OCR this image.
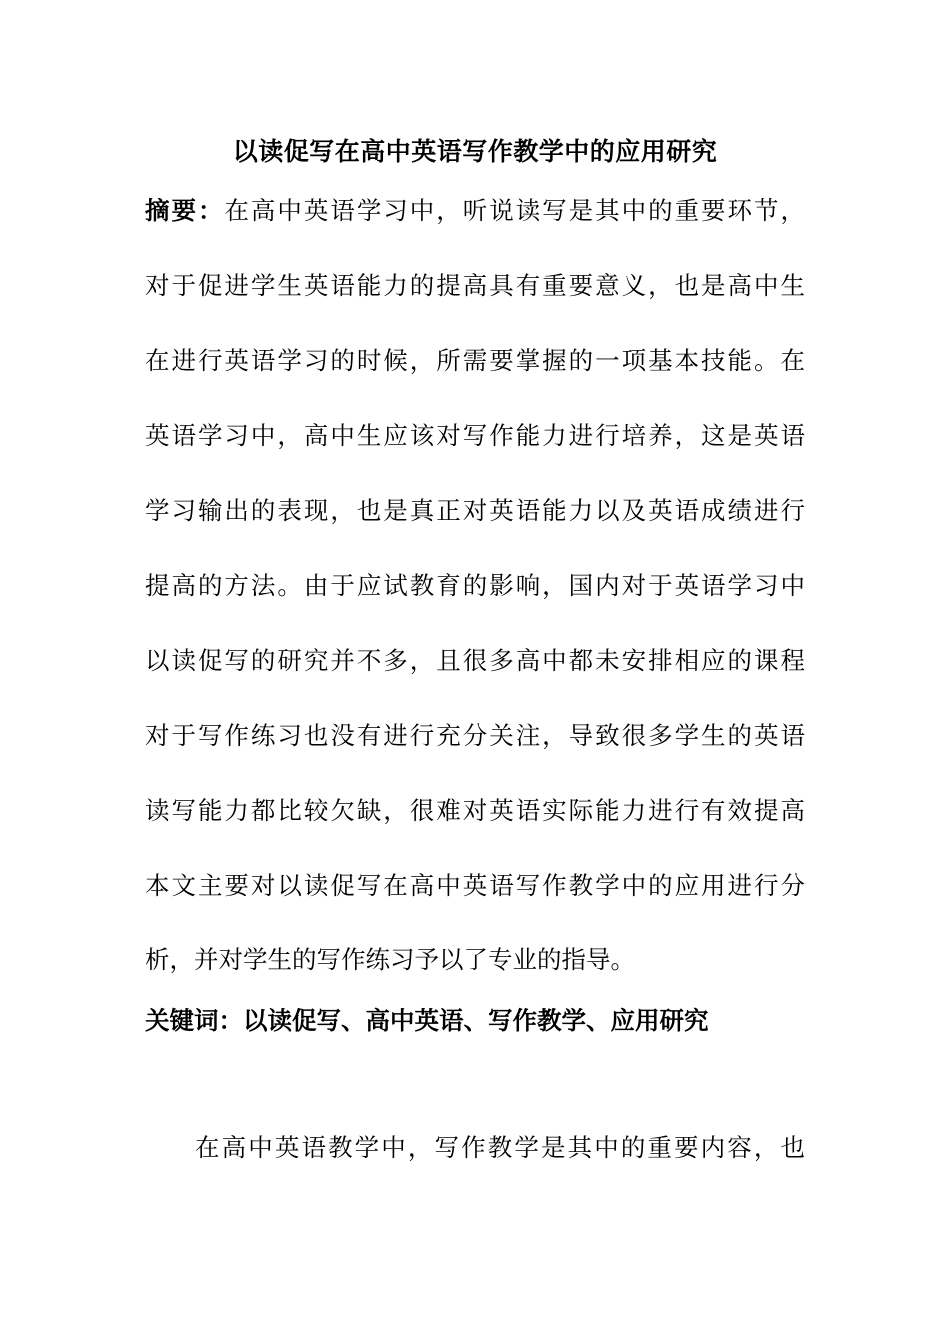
以读促写在高中英语写作教学中的应用研究
摘要：在高中英语学习中，听说读写是其中的重要环节，
对于促进学生英语能力的提高具有重要意义，也是高中生
在进行英语学习的时候，所需要掌握的一项基本技能。在
英语学习中，高中生应该对写作能力进行培养，这是英语
学习输出的表现，也是真正对英语能力以及英语成绩进行
提高的方法。由于应试教育的影响，国内对于英语学习中
以读促写的研究并不多，且很多高中都未安排相应的课程
对于写作练习也没有进行充分关注，导致很多学生的英语
读写能力都比较欠缺，很难对英语实际能力进行有效提高
本文主要对以读促写在高中英语写作教学中的应用进行分
析，并对学生的写作练习予以了专业的指导。
关键词：以读促写、高中英语、写作教学、应用研究
在高中英语教学中，写作教学是其中的重要内容，也
